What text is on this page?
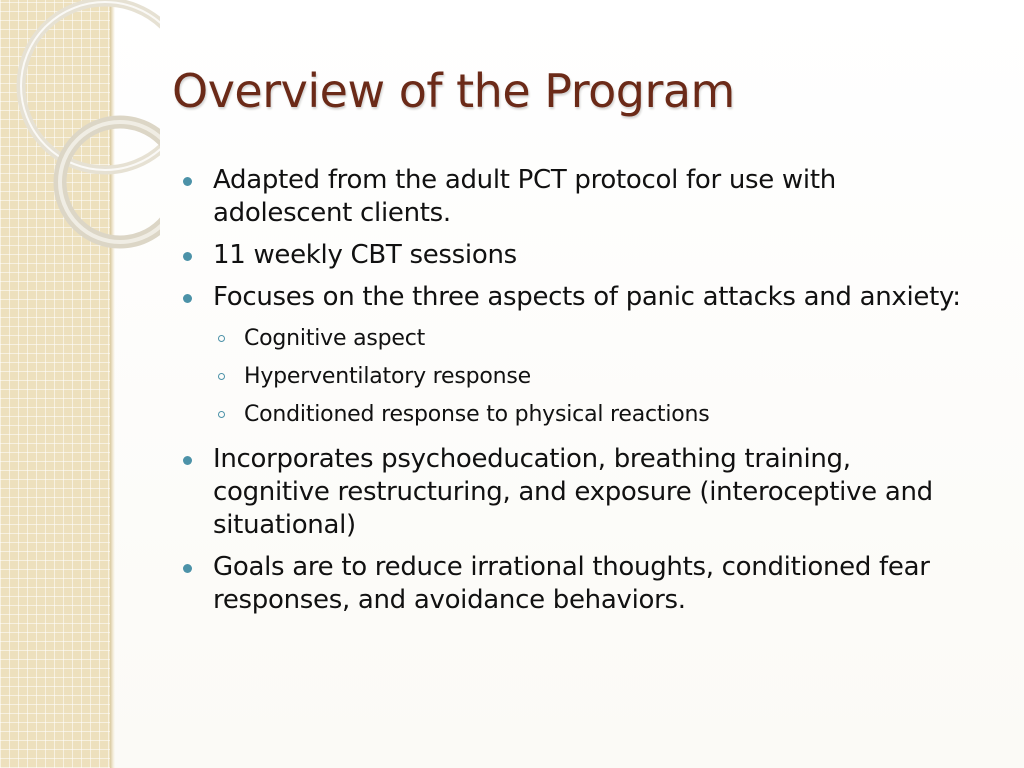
Overview of the Program
Adapted from the adult PCT protocol for use with adolescent clients.
11 weekly CBT sessions
Focuses on the three aspects of panic attacks and anxiety:
Cognitive aspect
Hyperventilatory response
Conditioned response to physical reactions
Incorporates psychoeducation, breathing training, cognitive restructuring, and exposure (interoceptive and situational)
Goals are to reduce irrational thoughts, conditioned fear responses, and avoidance behaviors.
